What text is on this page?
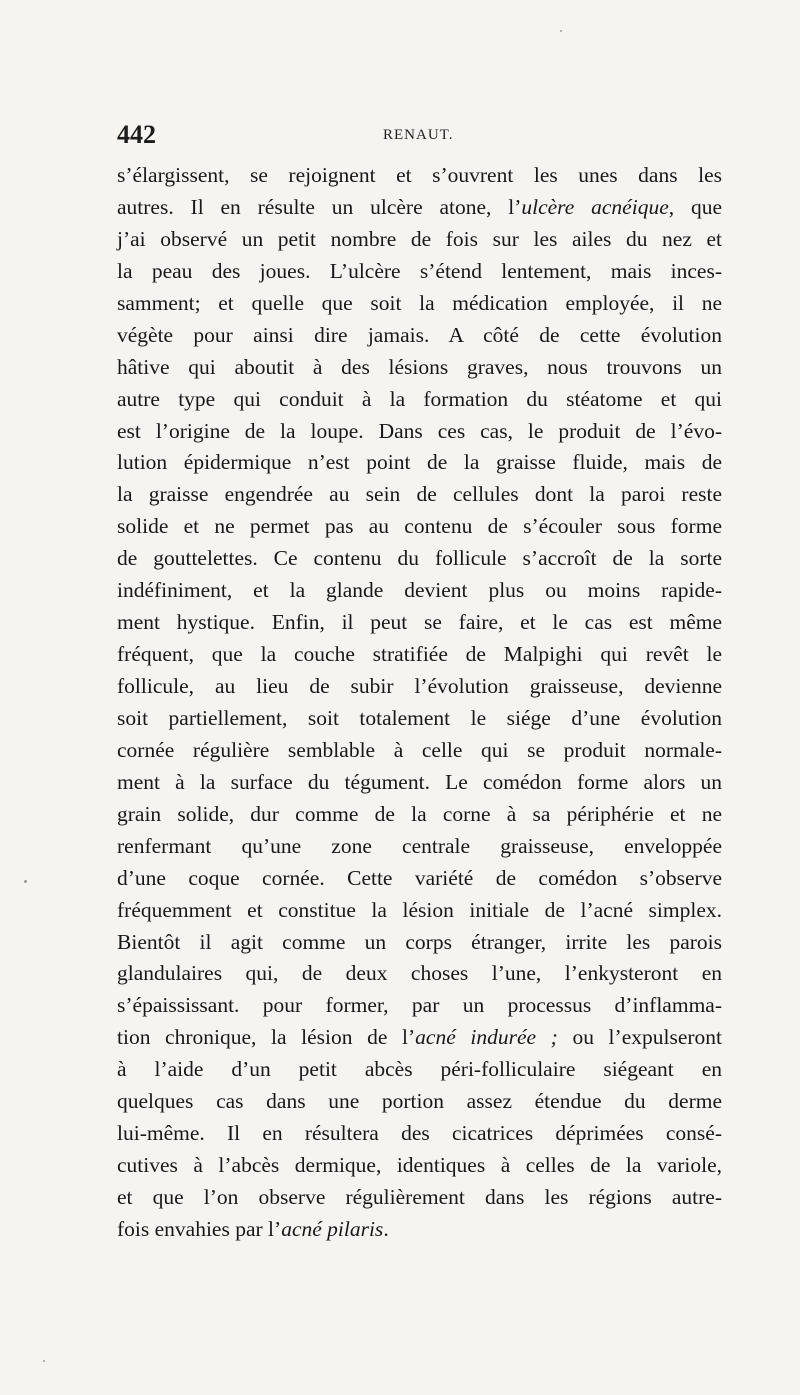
442	RENAUT.
s’élargissent, se rejoignent et s’ouvrent les unes dans les
autres. Il en résulte un ulcère atone, l’ulcère acnéique, que
j’ai observé un petit nombre de fois sur les ailes du nez et
la peau des joues. L’ulcère s’étend lentement, mais inces-
samment; et quelle que soit la médication employée, il ne
végète pour ainsi dire jamais. A côté de cette évolution
hâtive qui aboutit à des lésions graves, nous trouvons un
autre type qui conduit à la formation du stéatome et qui
est l’origine de la loupe. Dans ces cas, le produit de l’évo-
lution épidermique n’est point de la graisse fluide, mais de
la graisse engendrée au sein de cellules dont la paroi reste
solide et ne permet pas au contenu de s’écouler sous forme
de gouttelettes. Ce contenu du follicule s’accroît de la sorte
indéfiniment, et la glande devient plus ou moins rapide-
ment hystique. Enfin, il peut se faire, et le cas est même
fréquent, que la couche stratifiée de Malpighi qui revêt le
follicule, au lieu de subir l’évolution graisseuse, devienne
soit partiellement, soit totalement le siége d’une évolution
cornée régulière semblable à celle qui se produit normale-
ment à la surface du tégument. Le comédon forme alors un
grain solide, dur comme de la corne à sa périphérie et ne
renfermant qu’une zone centrale graisseuse, enveloppée
d’une coque cornée. Cette variété de comédon s’observe
fréquemment et constitue la lésion initiale de l’acné simplex.
Bientôt il agit comme un corps étranger, irrite les parois
glandulaires qui, de deux choses l’une, l’enkysteront en
s’épaississant. pour former, par un processus d’inflamma-
tion chronique, la lésion de l’acné indurée ; ou l’expulseront
à l’aide d’un petit abcès péri-folliculaire siégeant en
quelques cas dans une portion assez étendue du derme
lui-même. Il en résultera des cicatrices déprimées consé-
cutives à l’abcès dermique, identiques à celles de la variole,
et que l’on observe régulièrement dans les régions autre-
fois envahies par l’acné pilaris.
